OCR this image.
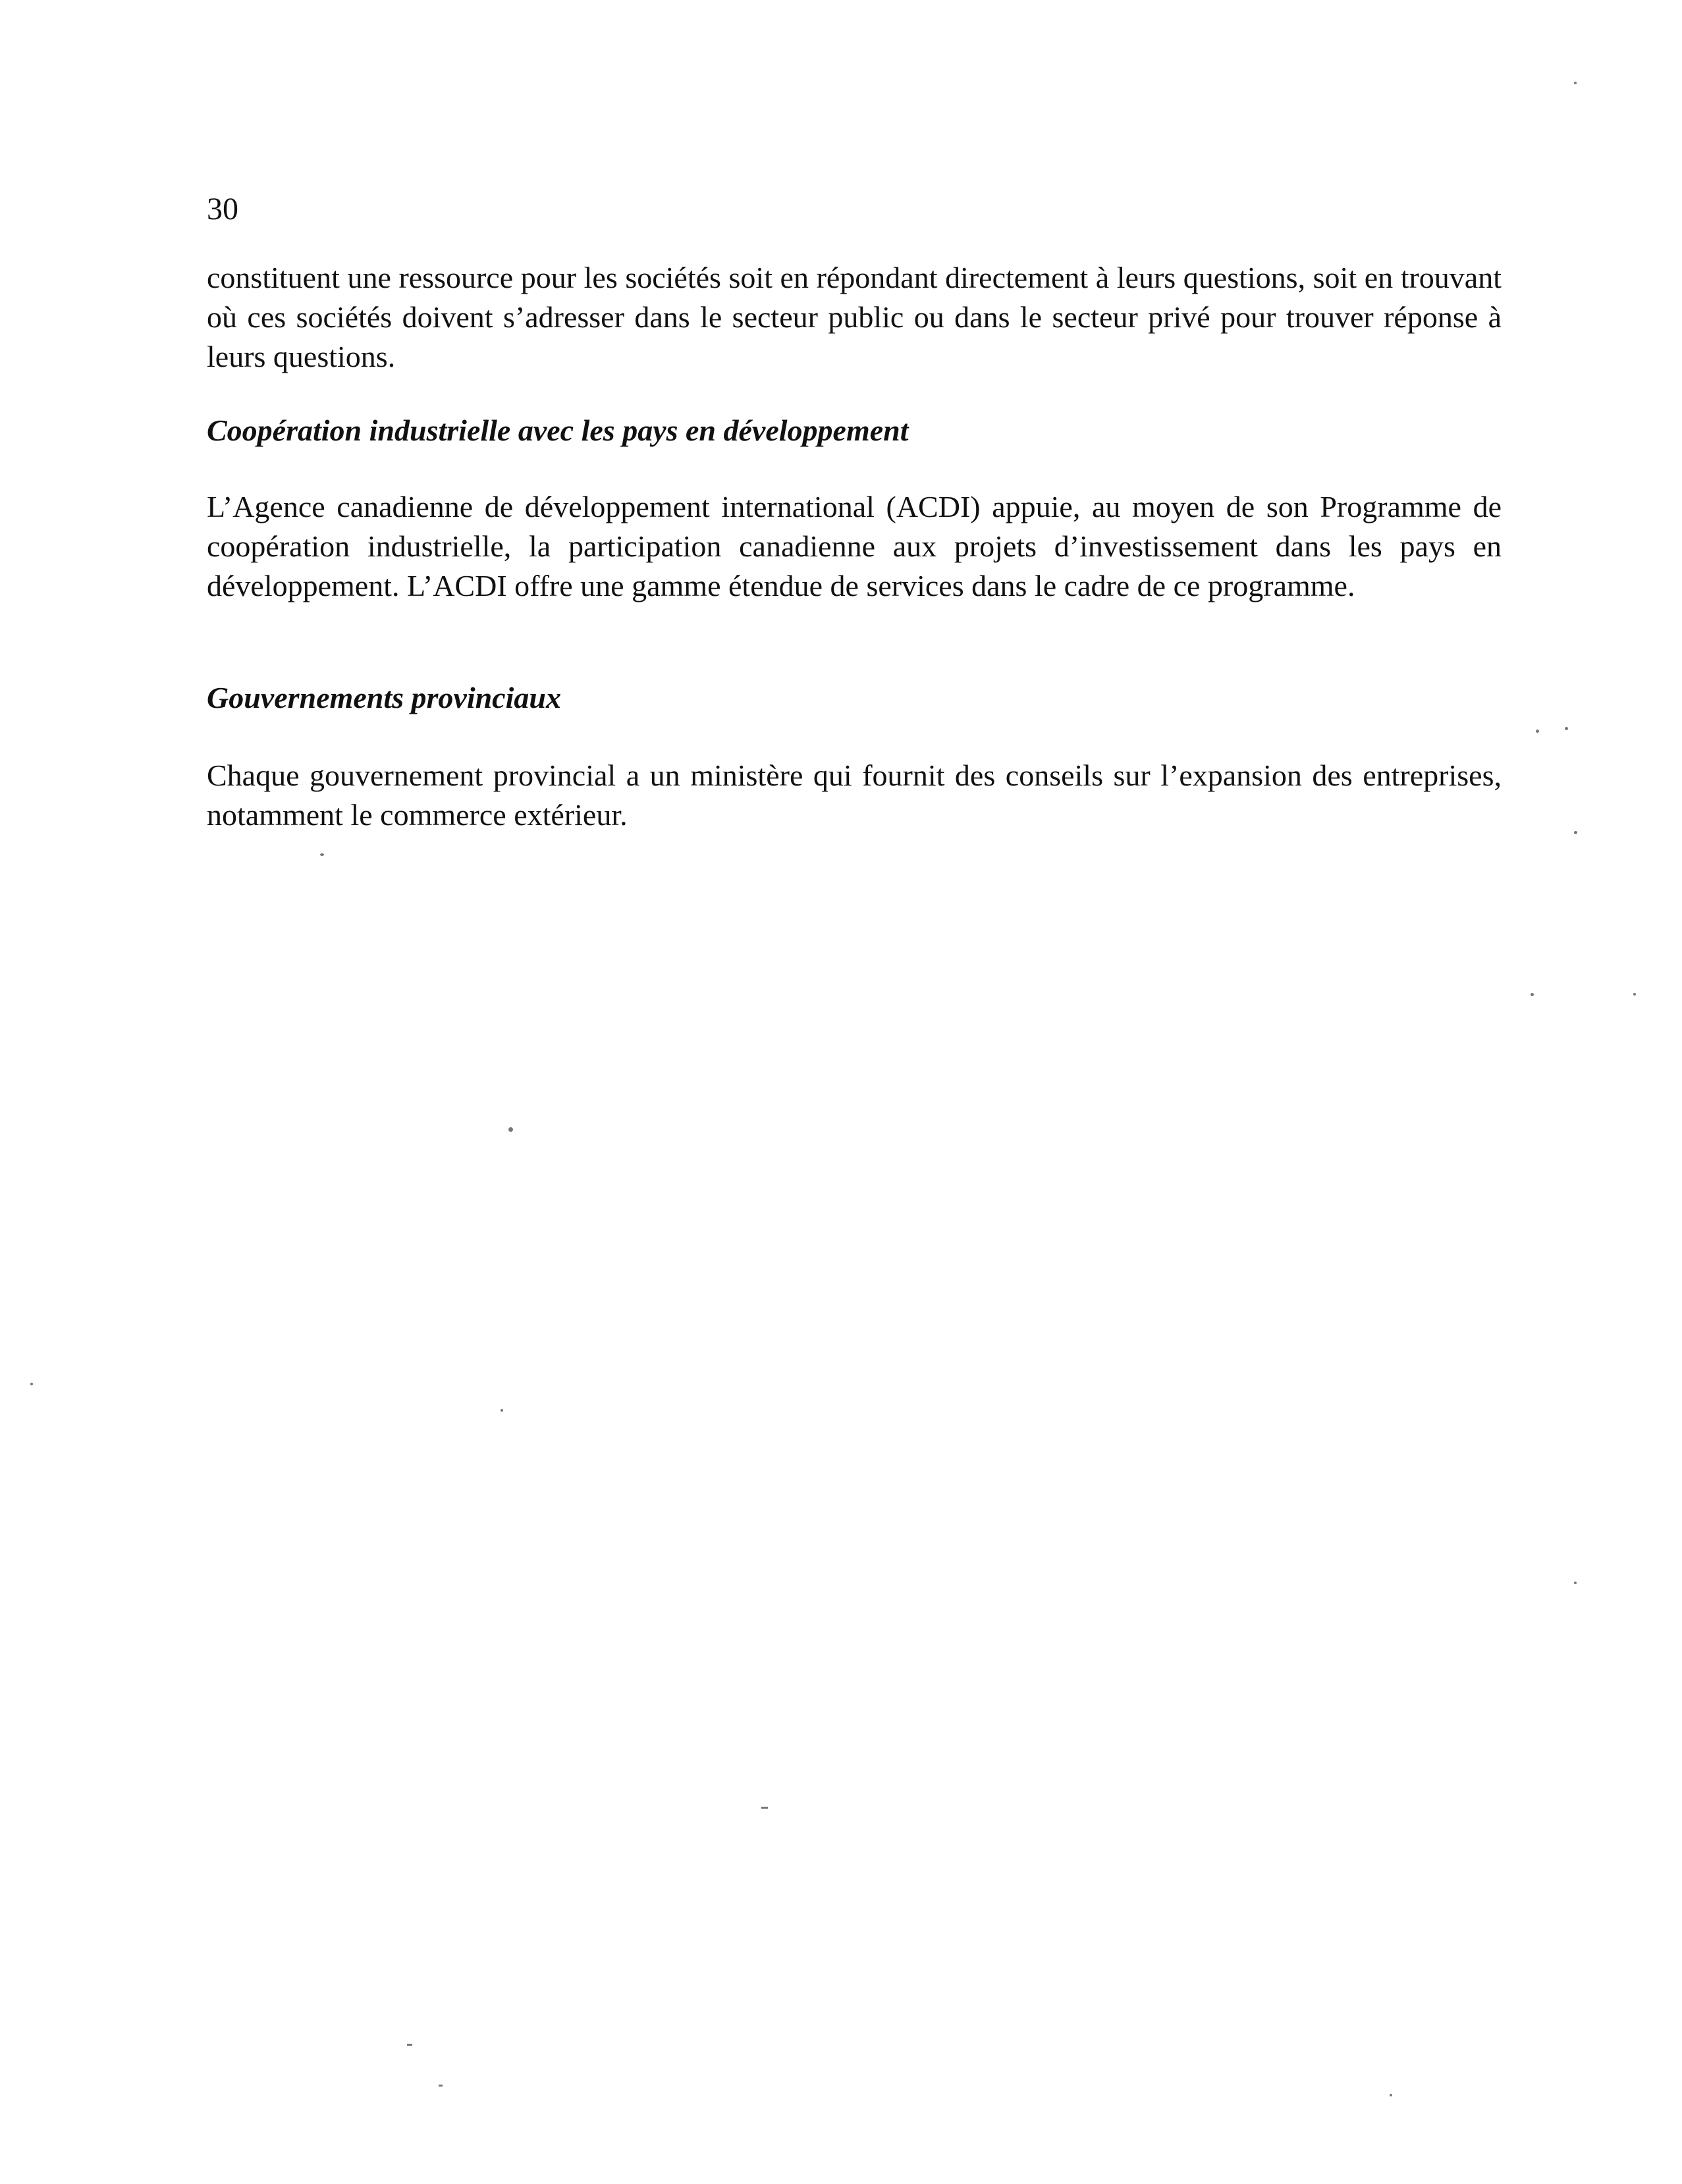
30

constituent une ressource pour les sociétés soit en répondant directement à leurs questions, soit en trouvant où ces sociétés doivent s’adresser dans le secteur public ou dans le secteur privé pour trouver réponse à leurs questions.

Coopération industrielle avec les pays en développement

L’Agence canadienne de développement international (ACDI) appuie, au moyen de son Programme de coopération industrielle, la participation canadienne aux projets d’investissement dans les pays en développement. L’ACDI offre une gamme étendue de services dans le cadre de ce programme.

Gouvernements provinciaux

Chaque gouvernement provincial a un ministère qui fournit des conseils sur l’expansion des entreprises, notamment le commerce extérieur.
